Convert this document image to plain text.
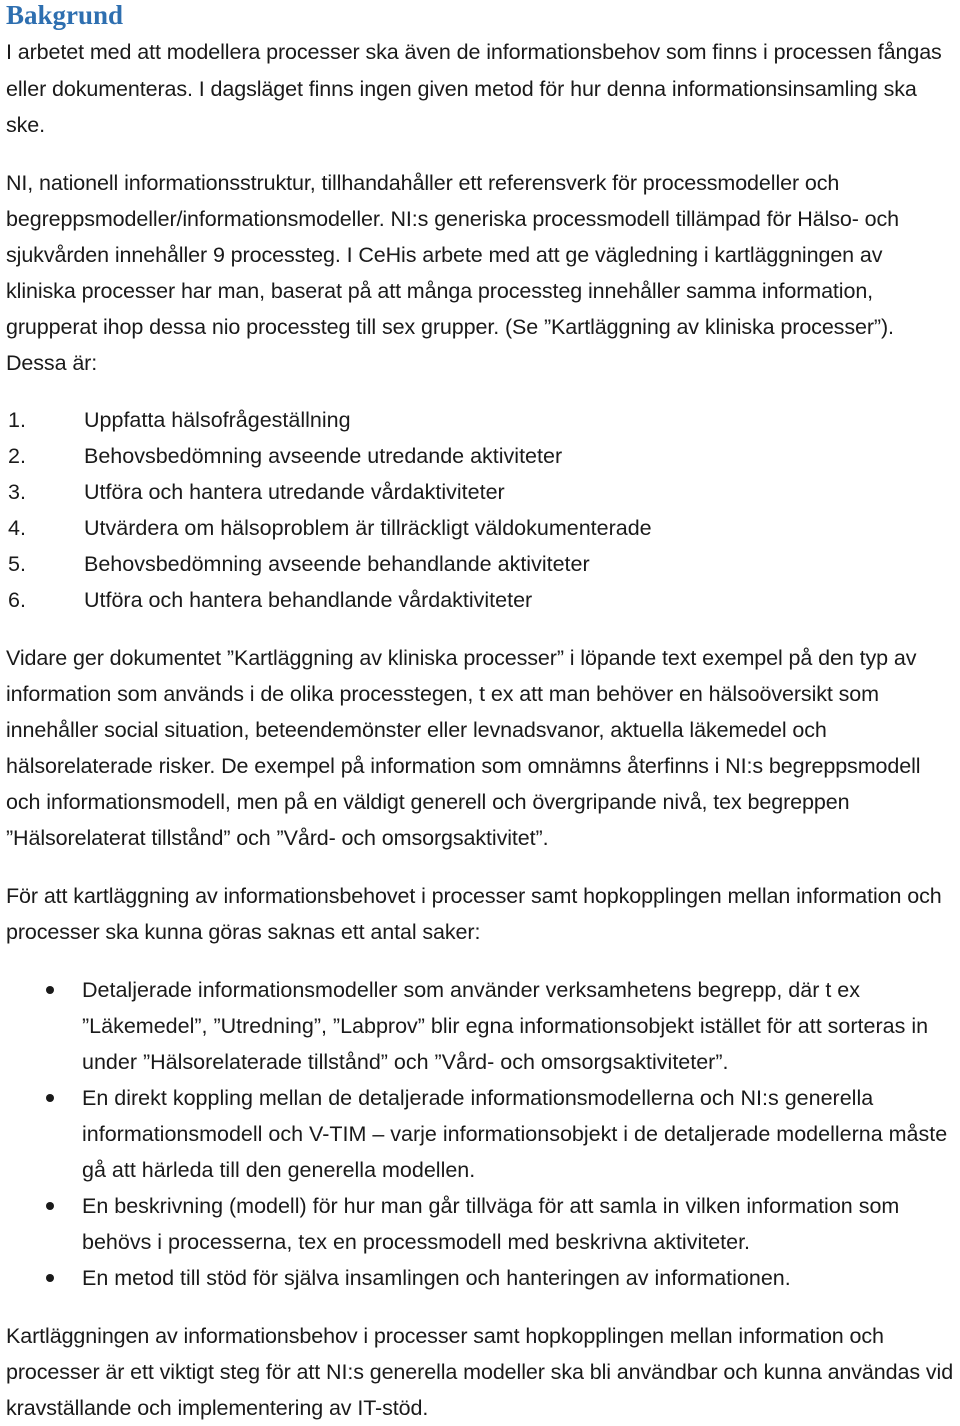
Bakgrund

I arbetet med att modellera processer ska även de informationsbehov som finns i processen fångas eller dokumenteras. I dagsläget finns ingen given metod för hur denna informationsinsamling ska ske.

NI, nationell informationsstruktur, tillhandahåller ett referensverk för processmodeller och begreppsmodeller/informationsmodeller. NI:s generiska processmodell tillämpad för Hälso- och sjukvården innehåller 9 processteg. I CeHis arbete med att ge vägledning i kartläggningen av kliniska processer har man, baserat på att många processteg innehåller samma information, grupperat ihop dessa nio processteg till sex grupper. (Se ”Kartläggning av kliniska processer”). Dessa är:

1.	Uppfatta hälsofrågeställning
2.	Behovsbedömning avseende utredande aktiviteter
3.	Utföra och hantera utredande vårdaktiviteter
4.	Utvärdera om hälsoproblem är tillräckligt väldokumenterade
5.	Behovsbedömning avseende behandlande aktiviteter
6.	Utföra och hantera behandlande vårdaktiviteter

Vidare ger dokumentet ”Kartläggning av kliniska processer” i löpande text exempel på den typ av information som används i de olika processtegen, t ex att man behöver en hälsoöversikt som innehåller social situation, beteendemönster eller levnadsvanor, aktuella läkemedel och hälsorelaterade risker. De exempel på information som omnämns återfinns i NI:s begreppsmodell och informationsmodell, men på en väldigt generell och övergripande nivå, tex begreppen ”Hälsorelaterat tillstånd” och ”Vård- och omsorgsaktivitet”.

För att kartläggning av informationsbehovet i processer samt hopkopplingen mellan information och processer ska kunna göras saknas ett antal saker:

Detaljerade informationsmodeller som använder verksamhetens begrepp, där t ex ”Läkemedel”, ”Utredning”, ”Labprov” blir egna informationsobjekt istället för att sorteras in under ”Hälsorelaterade tillstånd” och ”Vård- och omsorgsaktiviteter”.
En direkt koppling mellan de detaljerade informationsmodellerna och NI:s generella informationsmodell och V-TIM – varje informationsobjekt i de detaljerade modellerna måste gå att härleda till den generella modellen.
En beskrivning (modell) för hur man går tillväga för att samla in vilken information som behövs i processerna, tex en processmodell med beskrivna aktiviteter.
En metod till stöd för själva insamlingen och hanteringen av informationen.

Kartläggningen av informationsbehov i processer samt hopkopplingen mellan information och processer är ett viktigt steg för att NI:s generella modeller ska bli användbar och kunna användas vid kravställande och implementering av IT-stöd.
